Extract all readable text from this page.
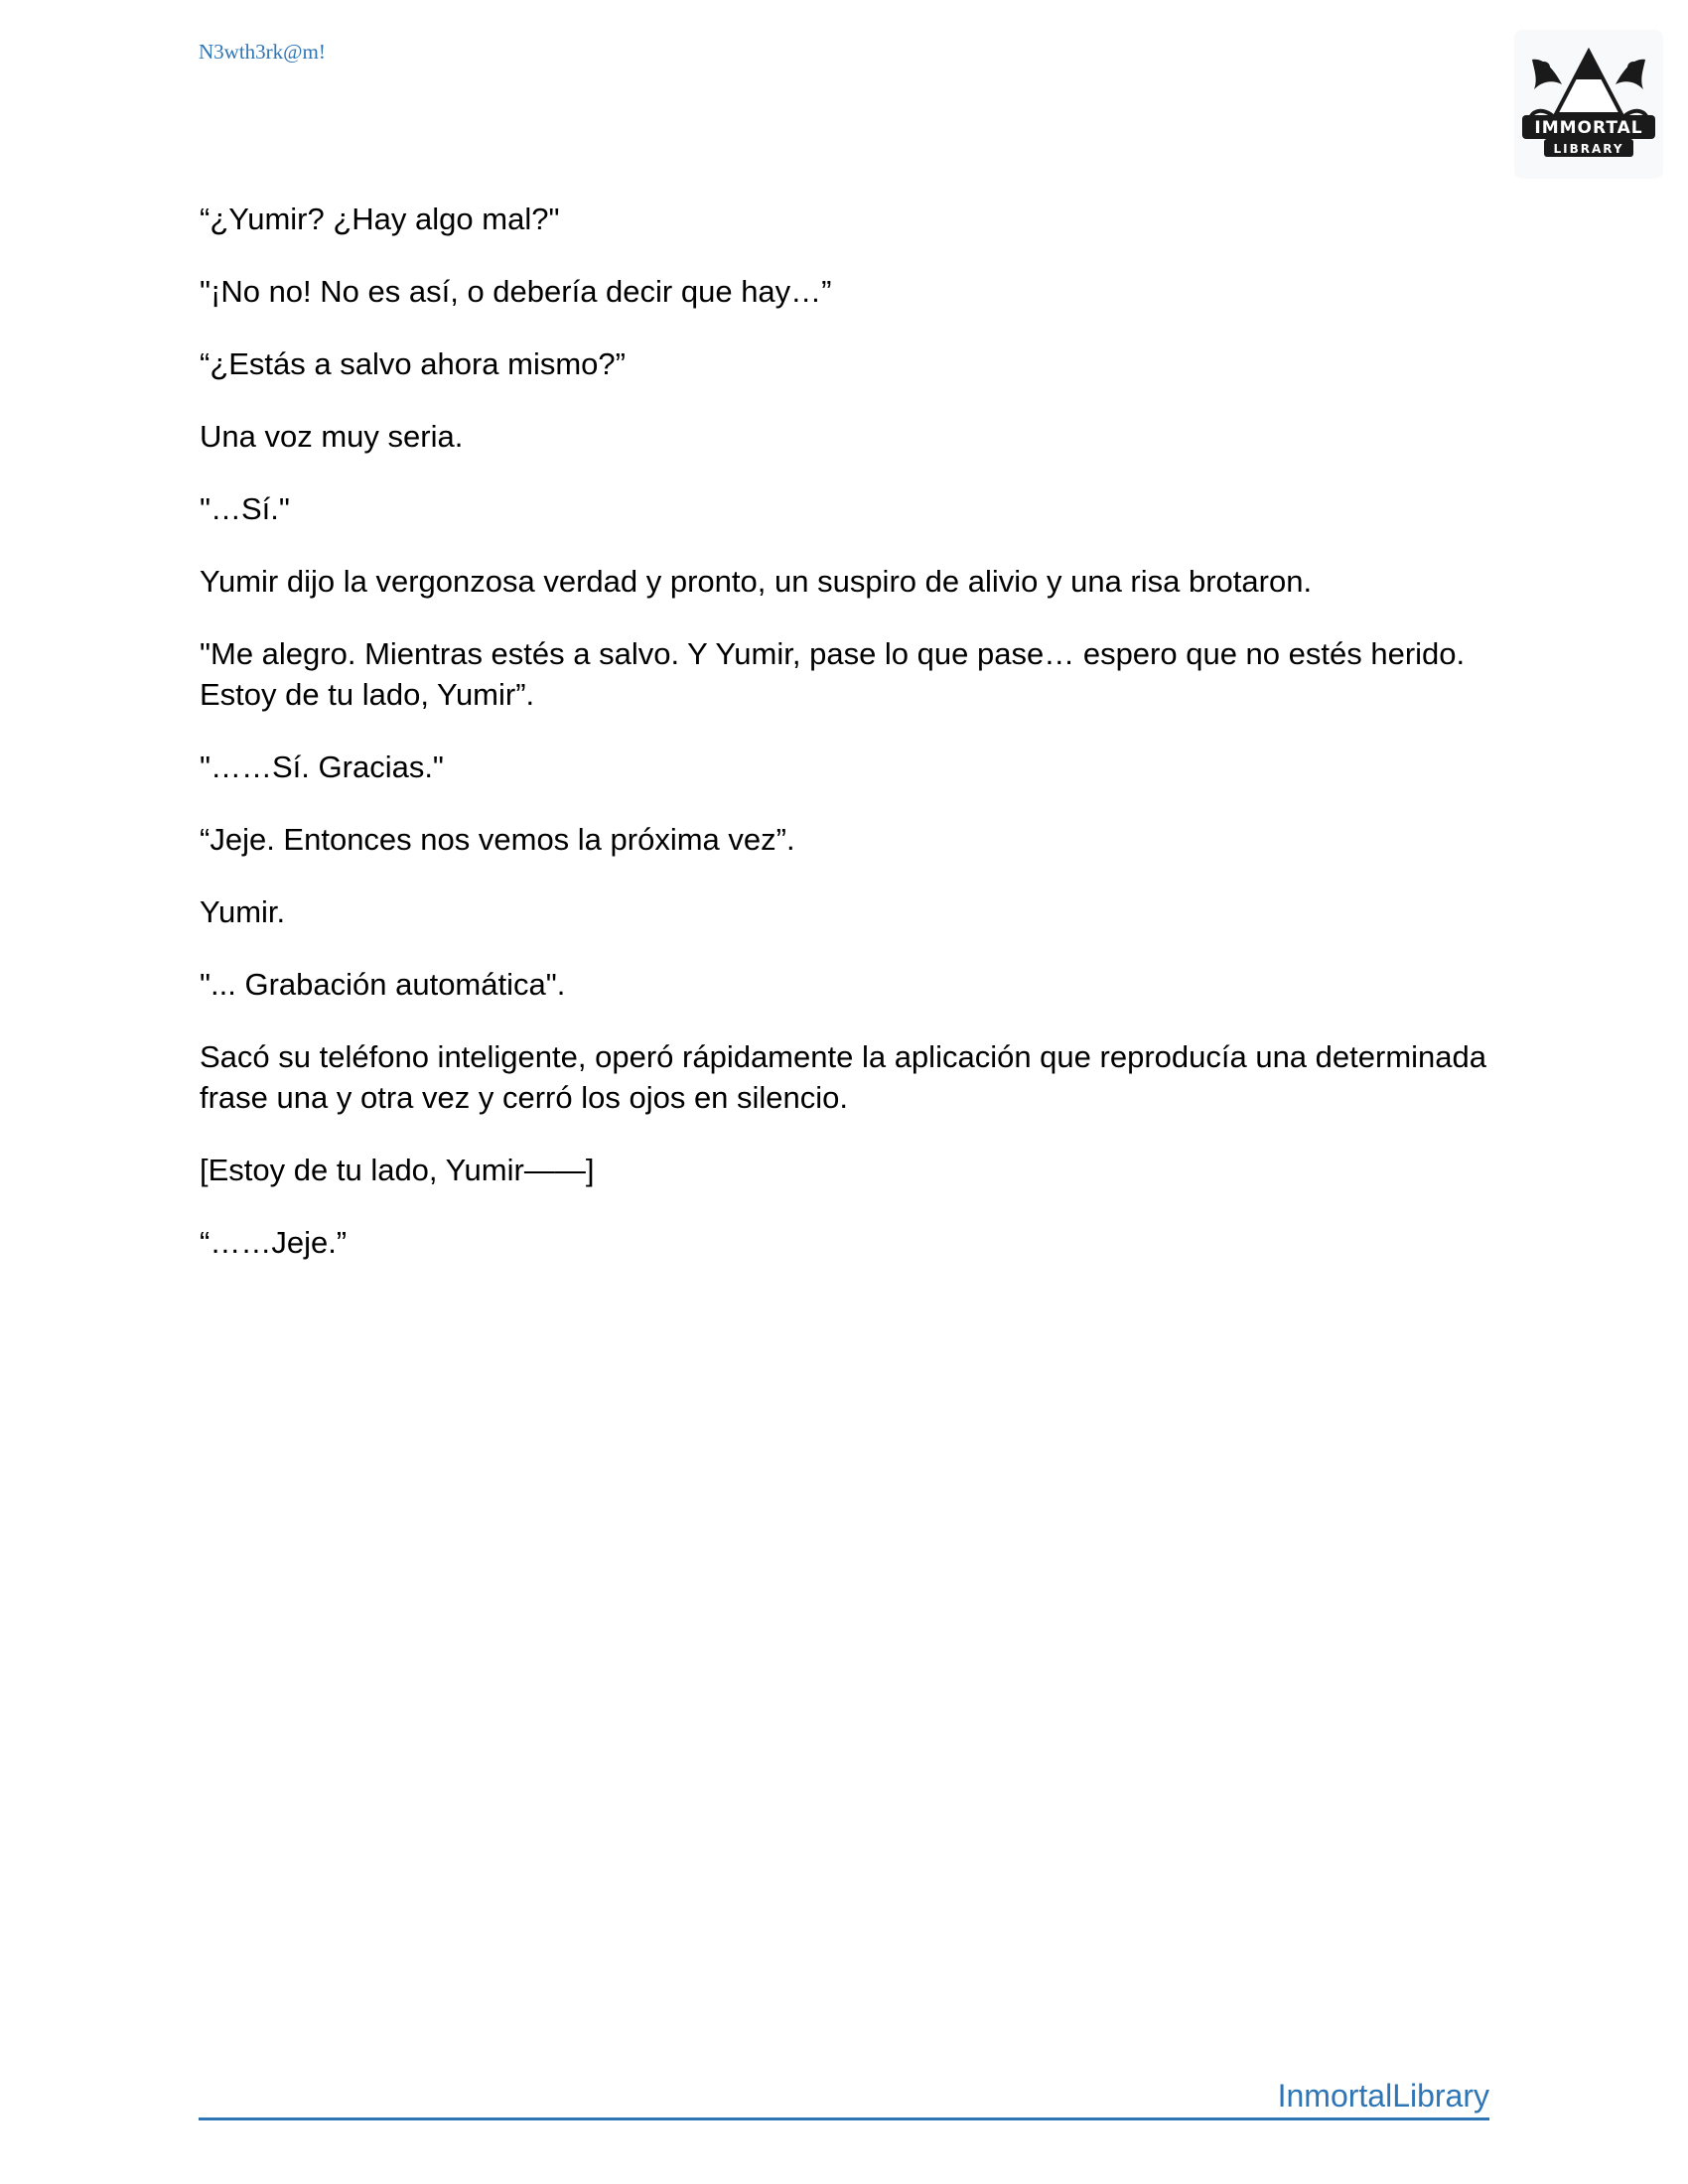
N3wth3rk@m!
IMMORTAL
LIBRARY

“¿Yumir? ¿Hay algo mal?"

"¡No no! No es así, o debería decir que hay…”

“¿Estás a salvo ahora mismo?”

Una voz muy seria.

"…Sí."

Yumir dijo la vergonzosa verdad y pronto, un suspiro de alivio y una risa brotaron.

"Me alegro. Mientras estés a salvo. Y Yumir, pase lo que pase… espero que no estés herido. Estoy de tu lado, Yumir”.

"……Sí. Gracias."

“Jeje. Entonces nos vemos la próxima vez”.

Yumir.

"... Grabación automática".

Sacó su teléfono inteligente, operó rápidamente la aplicación que reproducía una determinada frase una y otra vez y cerró los ojos en silencio.

[Estoy de tu lado, Yumir——]

“……Jeje.”

InmortalLibrary
